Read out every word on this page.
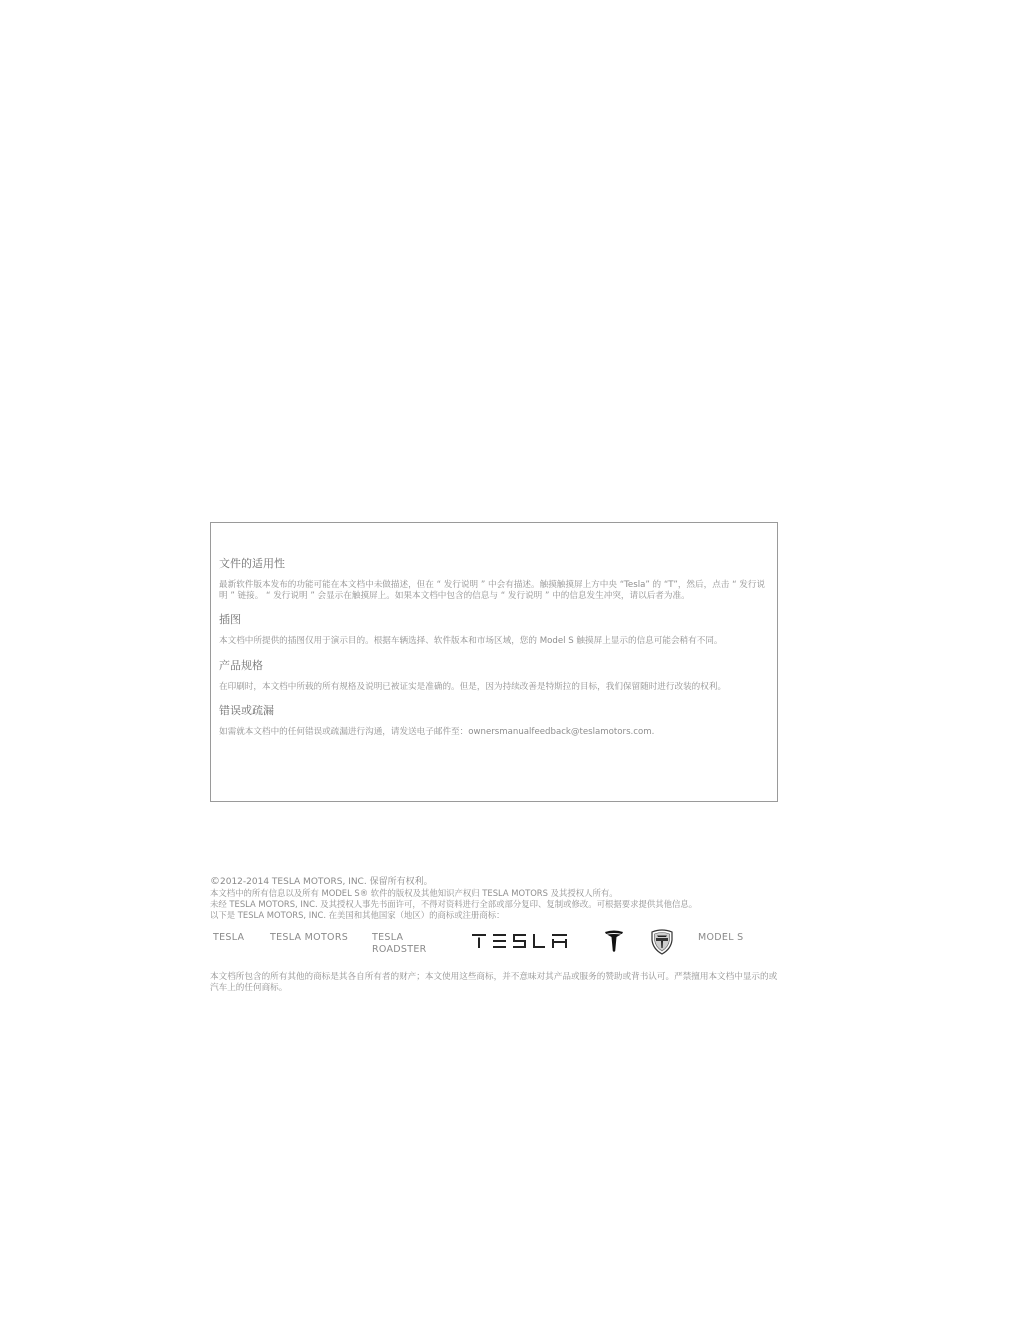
文件的适用性
最新软件版本发布的功能可能在本文档中未做描述，但在 “ 发行说明 ” 中会有描述。触摸触摸屏上方中央 “Tesla” 的 “T”，然后，点击 “ 发行说明 ” 链接。 “ 发行说明 ” 会显示在触摸屏上。如果本文档中包含的信息与 “ 发行说明 ” 中的信息发生冲突，请以后者为准。
插图
本文档中所提供的插图仅用于演示目的。根据车辆选择、软件版本和市场区域，您的 Model S 触摸屏上显示的信息可能会稍有不同。
产品规格
在印刷时，本文档中所载的所有规格及说明已被证实是准确的。但是，因为持续改善是特斯拉的目标，我们保留随时进行改装的权利。
错误或疏漏
如需就本文档中的任何错误或疏漏进行沟通，请发送电子邮件至：ownersmanualfeedback@teslamotors.com.
©2012-2014 TESLA MOTORS, INC. 保留所有权利。
本文档中的所有信息以及所有 MODEL S® 软件的版权及其他知识产权归 TESLA MOTORS 及其授权人所有。
未经 TESLA MOTORS, INC. 及其授权人事先书面许可，不得对资料进行全部或部分复印、复制或修改。可根据要求提供其他信息。
以下是 TESLA MOTORS, INC. 在美国和其他国家（地区）的商标或注册商标：
TESLA	TESLA MOTORS	TESLA
ROADSTER
MODEL S
本文档所包含的所有其他的商标是其各自所有者的财产；本文使用这些商标，并不意味对其产品或服务的赞助或背书认可。严禁擅用本文档中显示的或汽车上的任何商标。
